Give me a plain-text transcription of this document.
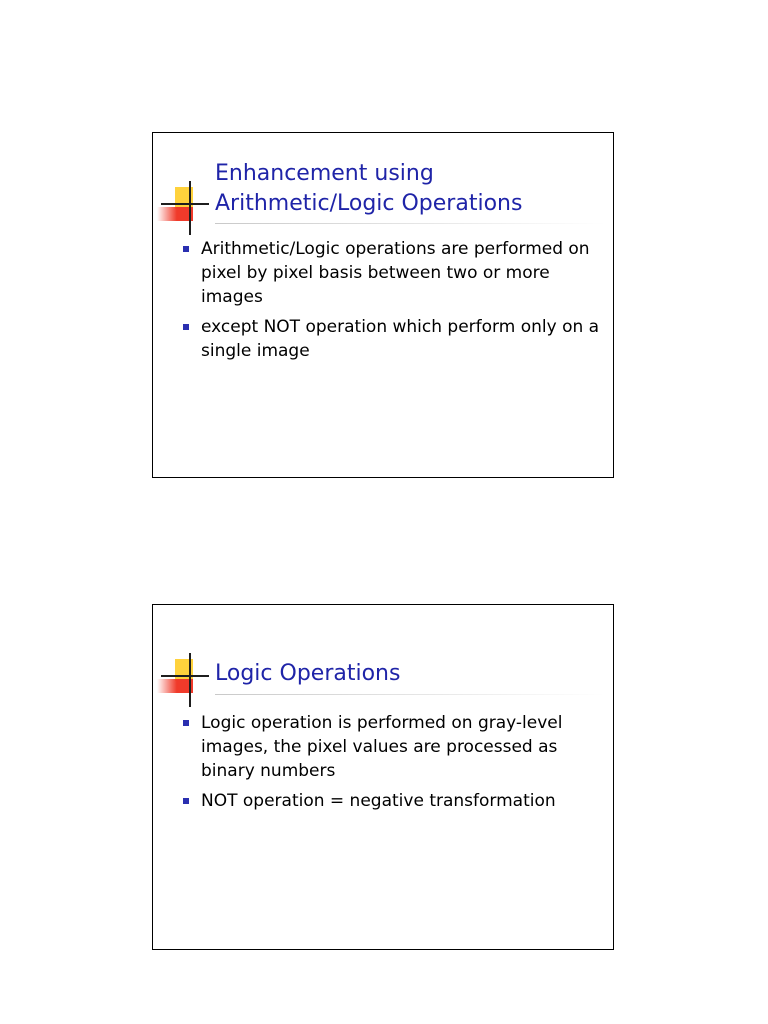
Enhancement using
Arithmetic/Logic Operations
Arithmetic/Logic operations are performed on pixel by pixel basis between two or more images
except NOT operation which perform only on a single image
Logic Operations
Logic operation is performed on gray-level images, the pixel values are processed as binary numbers
NOT operation = negative transformation
